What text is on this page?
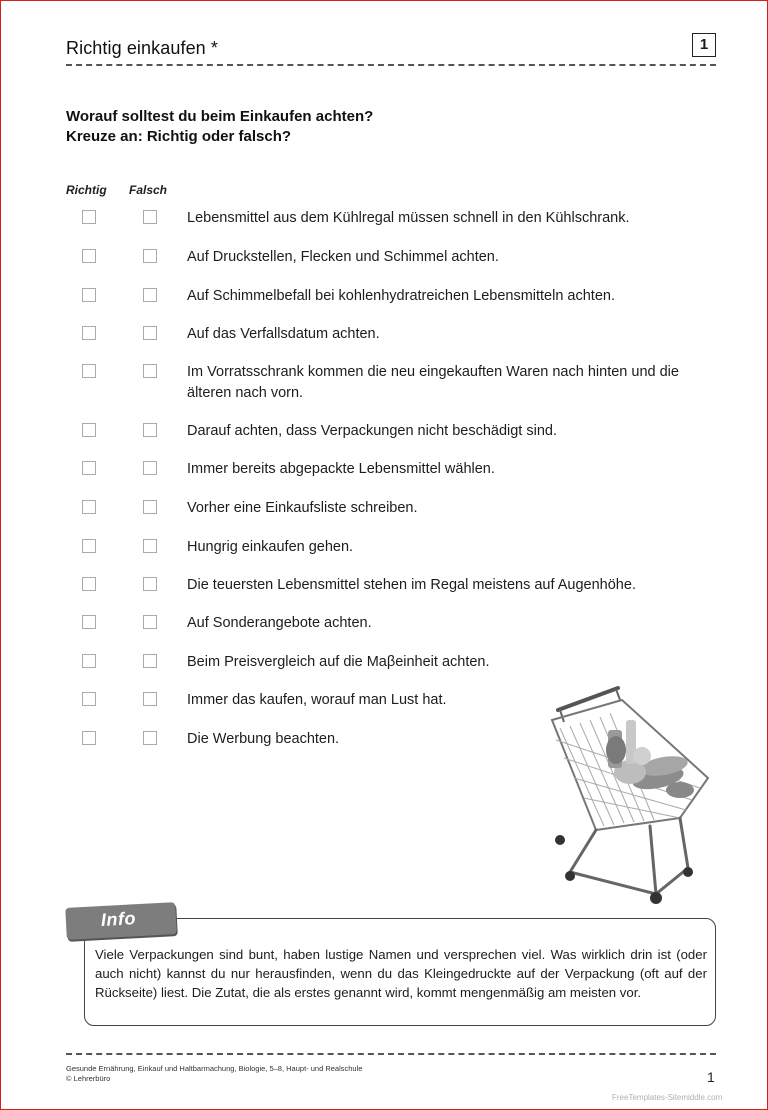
Richtig einkaufen *	1
Worauf solltest du beim Einkaufen achten?
Kreuze an: Richtig oder falsch?
Richtig Falsch
Lebensmittel aus dem Kühlregal müssen schnell in den Kühlschrank.
Auf Druckstellen, Flecken und Schimmel achten.
Auf Schimmelbefall bei kohlenhydratreichen Lebensmitteln achten.
Auf das Verfallsdatum achten.
Im Vorratsschrank kommen die neu eingekauften Waren nach hinten und die älteren nach vorn.
Darauf achten, dass Verpackungen nicht beschädigt sind.
Immer bereits abgepackte Lebensmittel wählen.
Vorher eine Einkaufsliste schreiben.
Hungrig einkaufen gehen.
Die teuersten Lebensmittel stehen im Regal meistens auf Augenhöhe.
Auf Sonderangebote achten.
Beim Preisvergleich auf die Maβeinheit achten.
Immer das kaufen, worauf man Lust hat.
Die Werbung beachten.
Info
Viele Verpackungen sind bunt, haben lustige Namen und versprechen viel. Was wirklich drin ist (oder auch nicht) kannst du nur herausfinden, wenn du das Kleingedruckte auf der Verpackung (oft auf der Rückseite) liest. Die Zutat, die als erstes genannt wird, kommt mengenmäßig am meisten vor.
Gesunde Ernährung, Einkauf und Haltbarmachung, Biologie, 5–8, Haupt- und Realschule
© Lehrerbüro	1
FreeTemplates-Sitemiddle.com
